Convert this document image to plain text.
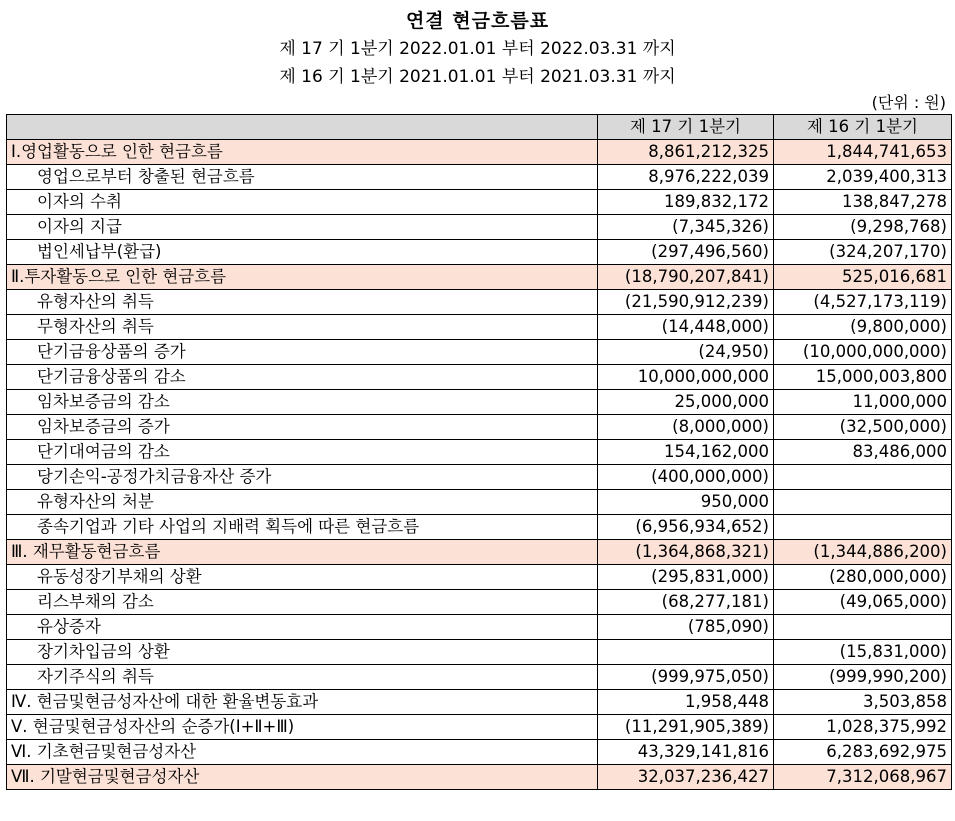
연결 현금흐름표
제 17 기 1분기 2022.01.01 부터 2022.03.31 까지
제 16 기 1분기 2021.01.01 부터 2021.03.31 까지
(단위 : 원)
	제 17 기 1분기	제 16 기 1분기
Ⅰ.영업활동으로 인한 현금흐름	8,861,212,325	1,844,741,653
영업으로부터 창출된 현금흐름	8,976,222,039	2,039,400,313
이자의 수취	189,832,172	138,847,278
이자의 지급	(7,345,326)	(9,298,768)
법인세납부(환급)	(297,496,560)	(324,207,170)
Ⅱ.투자활동으로 인한 현금흐름	(18,790,207,841)	525,016,681
유형자산의 취득	(21,590,912,239)	(4,527,173,119)
무형자산의 취득	(14,448,000)	(9,800,000)
단기금융상품의 증가	(24,950)	(10,000,000,000)
단기금융상품의 감소	10,000,000,000	15,000,003,800
임차보증금의 감소	25,000,000	11,000,000
임차보증금의 증가	(8,000,000)	(32,500,000)
단기대여금의 감소	154,162,000	83,486,000
당기손익-공정가치금융자산 증가	(400,000,000)	
유형자산의 처분	950,000	
종속기업과 기타 사업의 지배력 획득에 따른 현금흐름	(6,956,934,652)	
Ⅲ. 재무활동현금흐름	(1,364,868,321)	(1,344,886,200)
유동성장기부채의 상환	(295,831,000)	(280,000,000)
리스부채의 감소	(68,277,181)	(49,065,000)
유상증자	(785,090)	
장기차입금의 상환		(15,831,000)
자기주식의 취득	(999,975,050)	(999,990,200)
Ⅳ. 현금및현금성자산에 대한 환율변동효과	1,958,448	3,503,858
Ⅴ. 현금및현금성자산의 순증가(Ⅰ+Ⅱ+Ⅲ)	(11,291,905,389)	1,028,375,992
Ⅵ. 기초현금및현금성자산	43,329,141,816	6,283,692,975
Ⅶ. 기말현금및현금성자산	32,037,236,427	7,312,068,967
